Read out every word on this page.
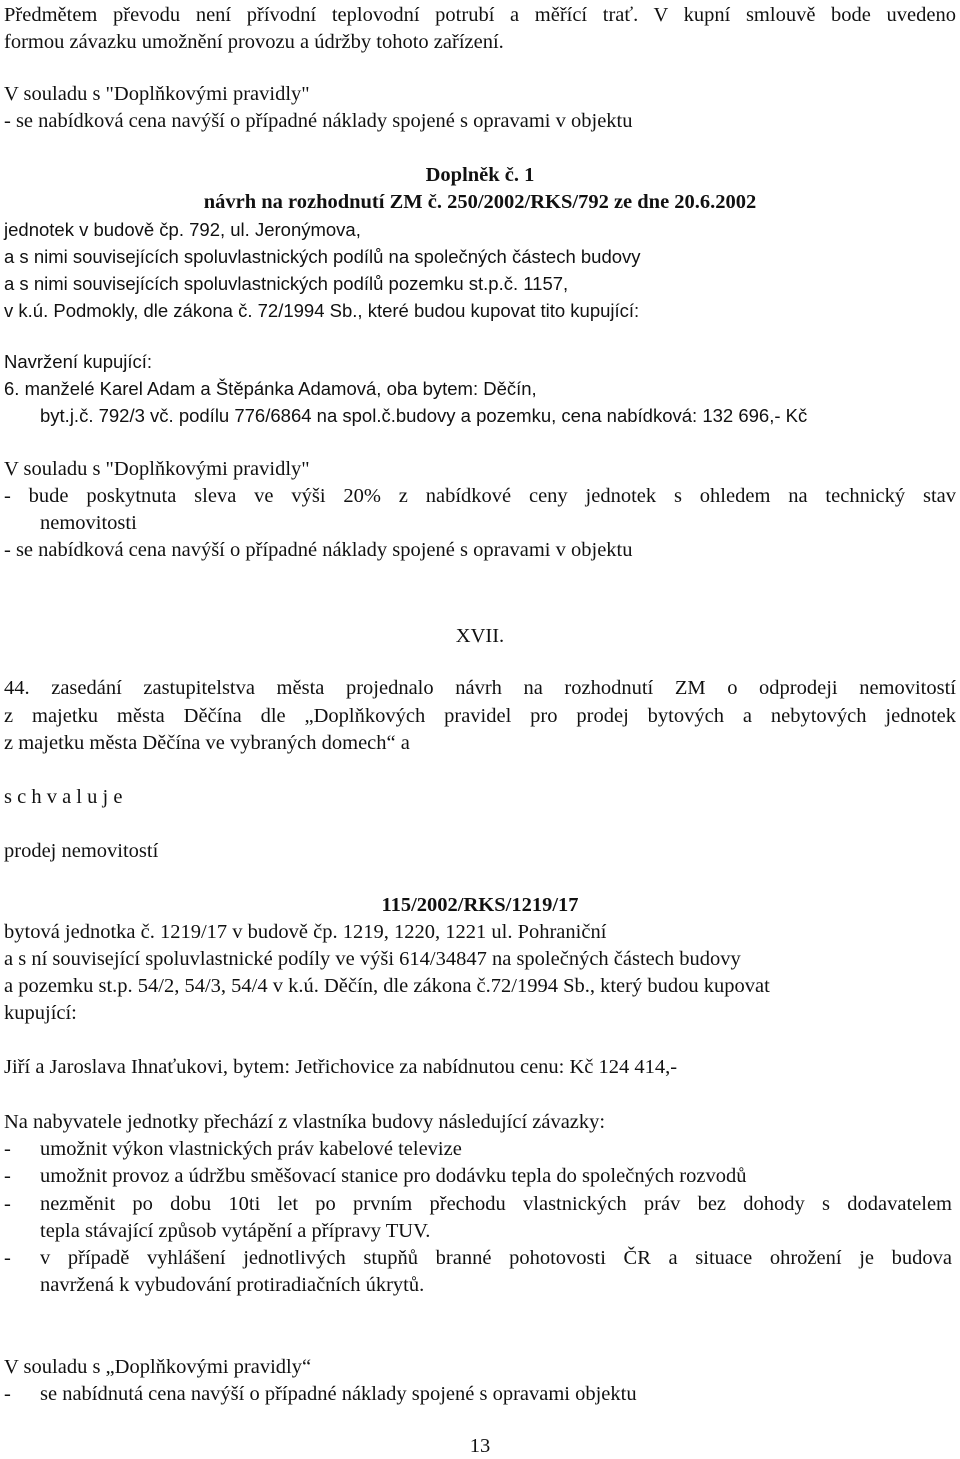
Předmětem převodu není přívodní teplovodní potrubí a měřící trať. V kupní smlouvě bode uvedeno
formou závazku umožnění provozu a údržby tohoto zařízení.
V souladu s "Doplňkovými pravidly"
- se nabídková cena navýší o případné náklady spojené s opravami v objektu
Doplněk č. 1
návrh na rozhodnutí ZM č. 250/2002/RKS/792 ze dne 20.6.2002
jednotek v budově čp. 792, ul. Jeronýmova,
a s nimi souvisejících spoluvlastnických podílů na společných částech budovy
a s nimi souvisejících spoluvlastnických podílů pozemku st.p.č. 1157,
v k.ú. Podmokly, dle zákona č. 72/1994 Sb., které budou kupovat tito kupující:
Navržení kupující:
6. manželé Karel Adam a Štěpánka Adamová, oba bytem: Děčín,
byt.j.č. 792/3 vč. podílu 776/6864 na spol.č.budovy a pozemku, cena nabídková: 132 696,- Kč
V souladu s "Doplňkovými pravidly"
- bude poskytnuta sleva ve výši 20% z nabídkové ceny jednotek s ohledem na technický stav
nemovitosti
- se nabídková cena navýší o případné náklady spojené s opravami v objektu
XVII.
44. zasedání zastupitelstva města projednalo návrh na rozhodnutí ZM o odprodeji nemovitostí
z majetku města Děčína dle „Doplňkových pravidel pro prodej bytových a nebytových jednotek
z majetku města Děčína ve vybraných domech“ a
s c h v a l u j e
prodej nemovitostí
115/2002/RKS/1219/17
bytová jednotka č. 1219/17 v budově čp. 1219, 1220, 1221 ul. Pohraniční
a s ní související spoluvlastnické podíly ve výši 614/34847 na společných částech budovy
a pozemku st.p. 54/2, 54/3, 54/4 v k.ú. Děčín, dle zákona č.72/1994 Sb., který budou kupovat
kupující:
Jiří a Jaroslava Ihnaťukovi, bytem: Jetřichovice za nabídnutou cenu: Kč 124 414,-
Na nabyvatele jednotky přechází z vlastníka budovy následující závazky:
-	umožnit výkon vlastnických práv kabelové televize
-	umožnit provoz a údržbu směšovací stanice pro dodávku tepla do společných rozvodů
-	nezměnit po dobu 10ti let po prvním přechodu vlastnických práv bez dohody s dodavatelem
tepla stávající způsob vytápění a přípravy TUV.
-	v případě vyhlášení jednotlivých stupňů branné pohotovosti ČR a situace ohrožení je budova
navržená k vybudování protiradiačních úkrytů.
V souladu s „Doplňkovými pravidly“
-	se nabídnutá cena navýší o případné náklady spojené s opravami objektu
13
